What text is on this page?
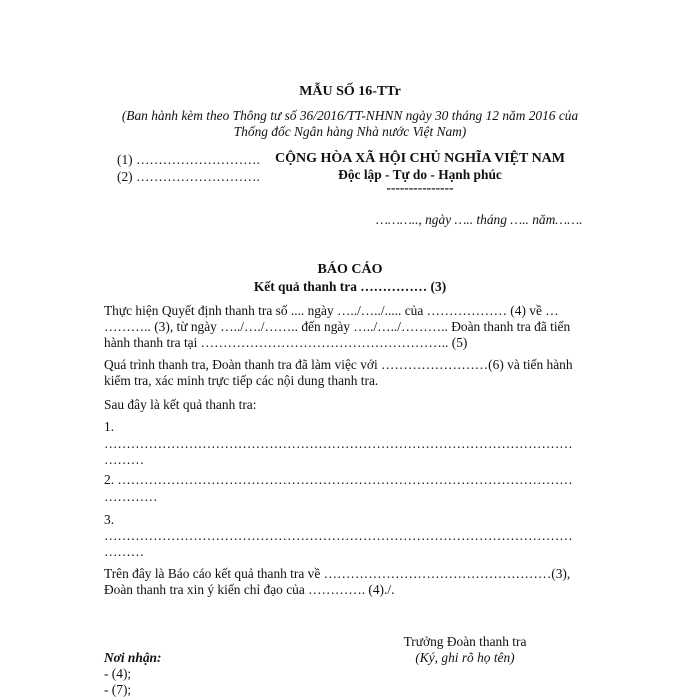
MẪU SỐ 16-TTr
(Ban hành kèm theo Thông tư số 36/2016/TT-NHNN ngày 30 tháng 12 năm 2016 của
Thống đốc Ngân hàng Nhà nước Việt Nam)
(1) ……………………….
(2) ……………………….
CỘNG HÒA XÃ HỘI CHỦ NGHĨA VIỆT NAM
Độc lập - Tự do - Hạnh phúc
---------------
……….., ngày ….. tháng ….. năm…….
BÁO CÁO
Kết quả thanh tra …………… (3)
Thực hiện Quyết định thanh tra số .... ngày …../…../..... của ……………… (4) về …
……….. (3), từ ngày …../…./…….. đến ngày …../…../……….. Đoàn thanh tra đã tiến
hành thanh tra tại ……………………………………………….. (5)
Quá trình thanh tra, Đoàn thanh tra đã làm việc với ……………………(6) và tiến hành
kiểm tra, xác minh trực tiếp các nội dung thanh tra.
Sau đây là kết quả thanh tra:
1.
……………………………………………………………………………………………
………
2. …………………………………………………………………………………………
…………
3.
……………………………………………………………………………………………
………
Trên đây là Báo cáo kết quả thanh tra về ……………………………………………(3),
Đoàn thanh tra xin ý kiến chỉ đạo của …………. (4)./.
Trưởng Đoàn thanh tra
(Ký, ghi rõ họ tên)
Nơi nhận:
- (4);
- (7);
